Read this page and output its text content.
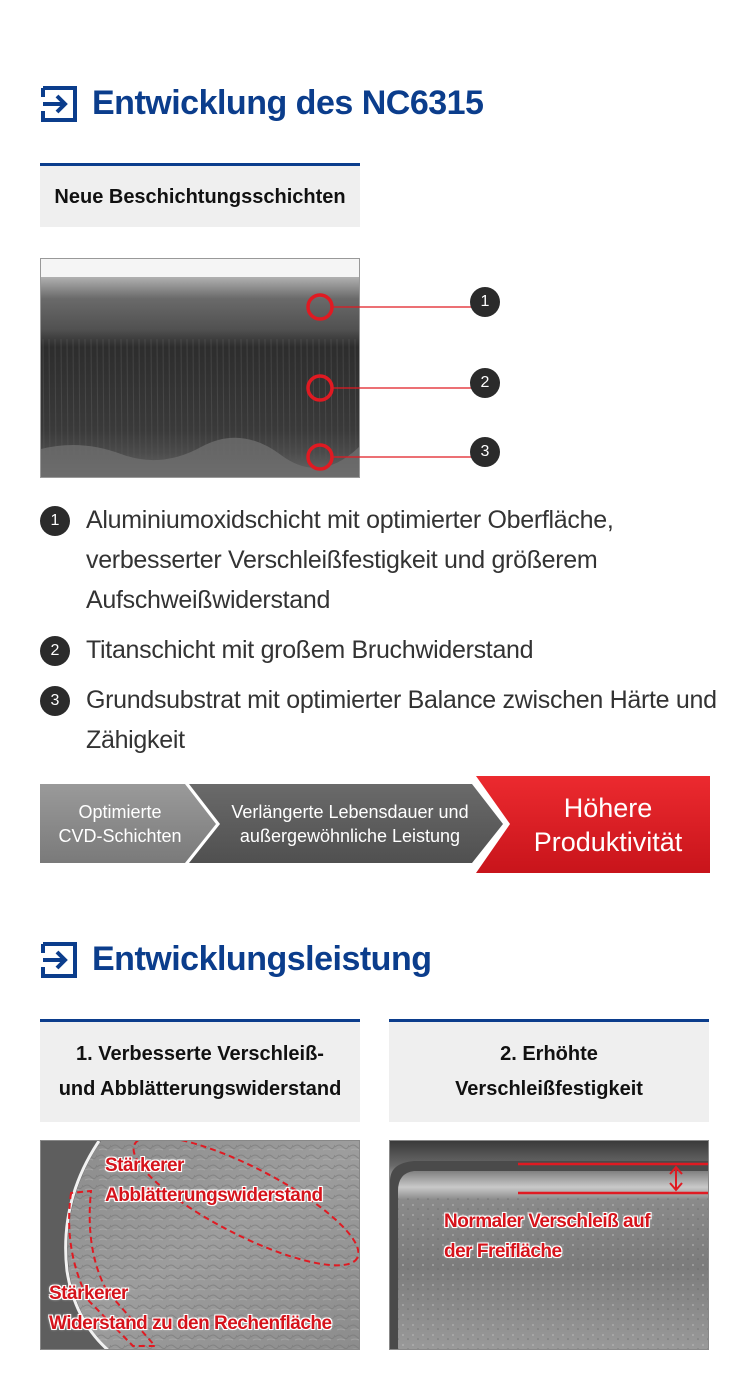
Entwicklung des NC6315
Neue Beschichtungsschichten
1
2
3
1	Aluminiumoxidschicht mit optimierter Oberfläche, verbesserter Verschleißfestigkeit und größerem Aufschweißwiderstand
2	Titanschicht mit großem Bruchwiderstand
3	Grundsubstrat mit optimierter Balance zwischen Härte und Zähigkeit
Optimierte
CVD-Schichten
Verlängerte Lebensdauer und
außergewöhnliche Leistung
Höhere
Produktivität
Entwicklungsleistung
1. Verbesserte Verschleiß-
und Abblätterungswiderstand
2. Erhöhte
Verschleißfestigkeit
Stärkerer
Abblätterungswiderstand
Stärkerer
Widerstand zu den Rechenfläche
Normaler Verschleiß auf
der Freifläche
